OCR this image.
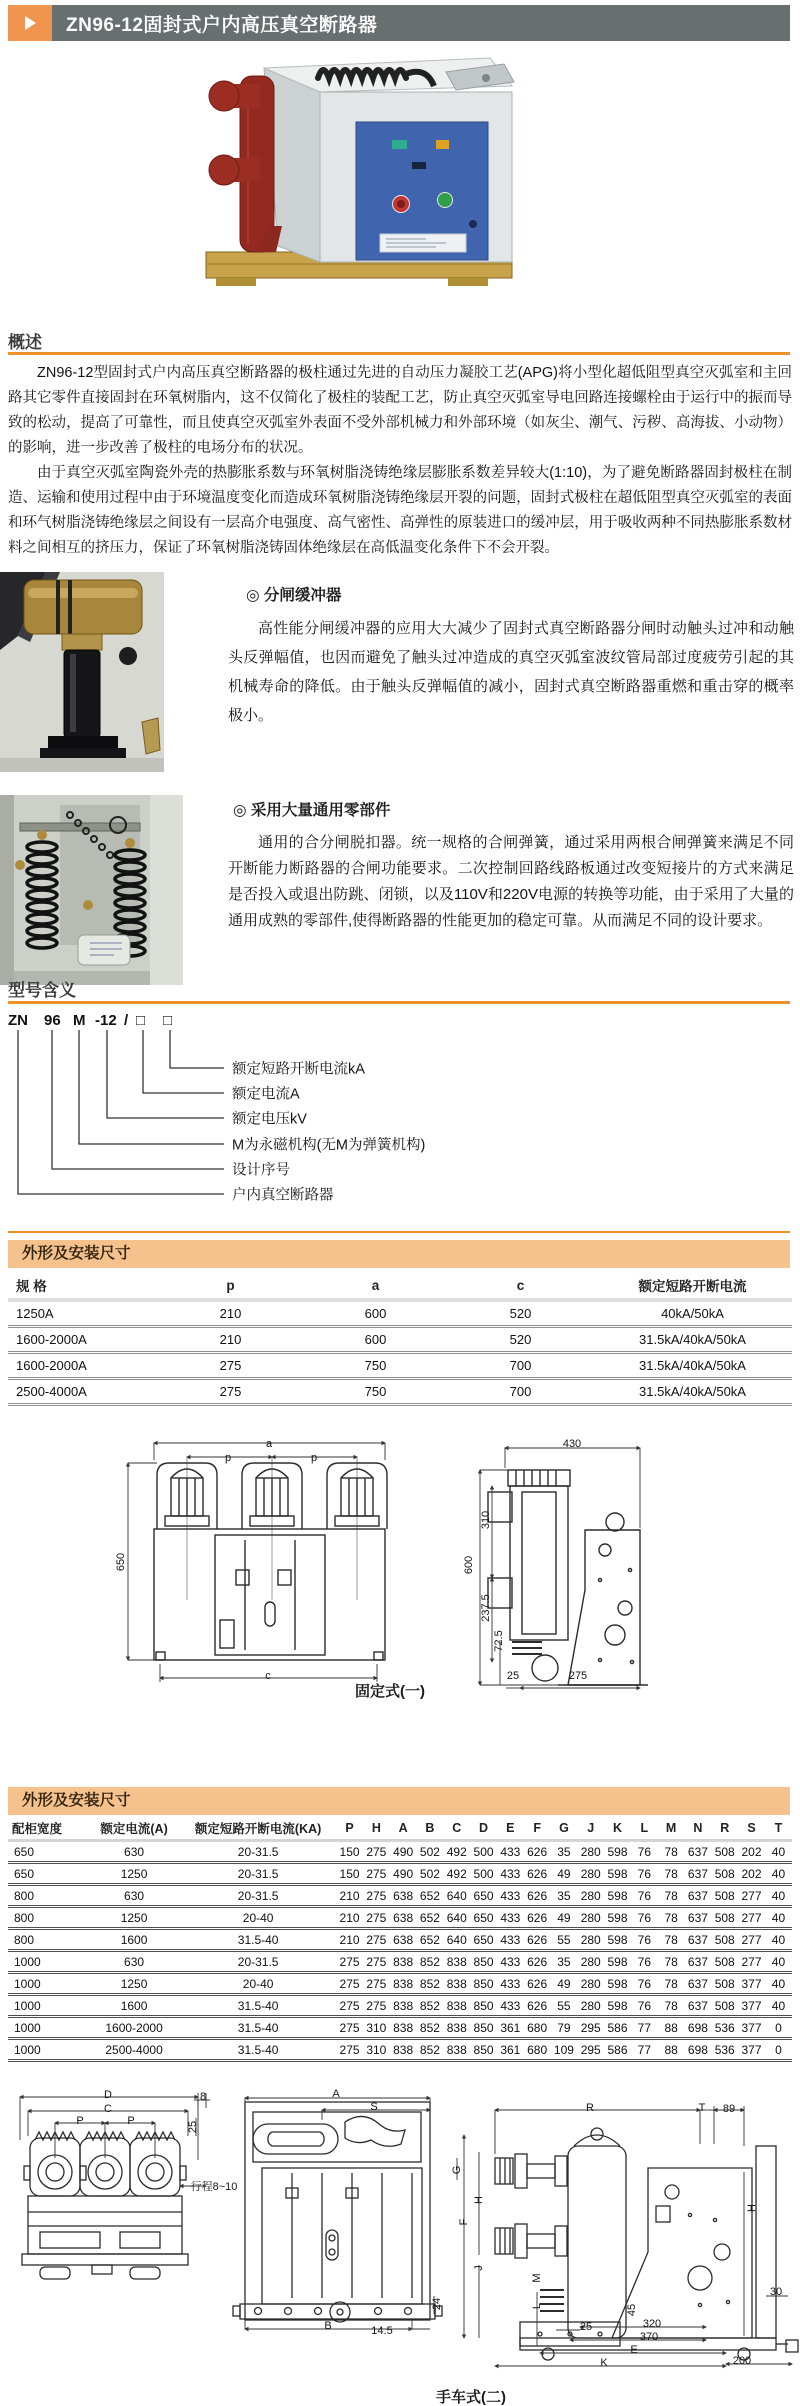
ZN96-12固封式户内高压真空断路器
概述

ZN96-12型固封式户内高压真空断路器的极柱通过先进的自动压力凝胶工艺(APG)将小型化超低阻型真空灭弧室和主回路其它零件直接固封在环氧树脂内，这不仅简化了极柱的装配工艺，防止真空灭弧室导电回路连接螺栓由于运行中的振而导致的松动，提高了可靠性，而且使真空灭弧室外表面不受外部机械力和外部环境（如灰尘、潮气、污秽、高海拔、小动物）的影响，进一步改善了极柱的电场分布的状况。

由于真空灭弧室陶瓷外壳的热膨胀系数与环氧树脂浇铸绝缘层膨胀系数差异较大(1:10)，为了避免断路器固封极柱在制造、运输和使用过程中由于环境温度变化而造成环氧树脂浇铸绝缘层开裂的问题，固封式极柱在超低阻型真空灭弧室的表面和环气树脂浇铸绝缘层之间设有一层高介电强度、高气密性、高弹性的原装进口的缓冲层，用于吸收两种不同热膨胀系数材料之间相互的挤压力，保证了环氧树脂浇铸固体绝缘层在高低温变化条件下不会开裂。

◎ 分闸缓冲器
高性能分闸缓冲器的应用大大减少了固封式真空断路器分闸时动触头过冲和动触头反弹幅值，也因而避免了触头过冲造成的真空灭弧室波纹管局部过度疲劳引起的其机械寿命的降低。由于触头反弹幅值的减小，固封式真空断路器重燃和重击穿的概率极小。
◎ 采用大量通用零部件
通用的合分闸脱扣器。统一规格的合闸弹簧，通过采用两根合闸弹簧来满足不同开断能力断路器的合闸功能要求。二次控制回路线路板通过改变短接片的方式来满足是否投入或退出防跳、闭锁，以及110V和220V电源的转换等功能，由于采用了大量的通用成熟的零部件,使得断路器的性能更加的稳定可靠。从而满足不同的设计要求。
型号含义
ZN 96 M -12 / □ □
额定短路开断电流kA
额定电流A
额定电压kV
M为永磁机构(无M为弹簧机构)
设计序号
户内真空断路器
外形及安装尺寸
规 格	p	a	c	额定短路开断电流
1250A	210	600	520	40kA/50kA
1600-2000A	210	600	520	31.5kA/40kA/50kA
1600-2000A	275	750	700	31.5kA/40kA/50kA
2500-4000A	275	750	700	31.5kA/40kA/50kA
固定式(一)
外形及安装尺寸
配柜宽度	额定电流(A)	额定短路开断电流(KA)	P	H	A	B	C	D	E	F	G	J	K	L	M	N	R	S	T
650	630	20-31.5	150	275	490	502	492	500	433	626	35	280	598	76	78	637	508	202	40
650	1250	20-31.5	150	275	490	502	492	500	433	626	49	280	598	76	78	637	508	202	40
800	630	20-31.5	210	275	638	652	640	650	433	626	35	280	598	76	78	637	508	277	40
800	1250	20-40	210	275	638	652	640	650	433	626	49	280	598	76	78	637	508	277	40
800	1600	31.5-40	210	275	638	652	640	650	433	626	55	280	598	76	78	637	508	277	40
1000	630	20-31.5	275	275	838	852	838	850	433	626	35	280	598	76	78	637	508	277	40
1000	1250	20-40	275	275	838	852	838	850	433	626	49	280	598	76	78	637	508	377	40
1000	1600	31.5-40	275	275	838	852	838	850	433	626	55	280	598	76	78	637	508	377	40
1000	1600-2000	31.5-40	275	310	838	852	838	850	361	680	79	295	586	77	88	698	536	377	0
1000	2500-4000	31.5-40	275	310	838	852	838	850	361	680	109	295	586	77	88	698	536	377	0
手车式(二)
a
p	p
650
c
430
310
600
237.5
72.5
25	275
D
C
P	P
8
25
行程8~10
A
S
B	14.5
24
R	T 89
G
F
H
J
M
L	45
25	320
370
E
K	200
30
H
